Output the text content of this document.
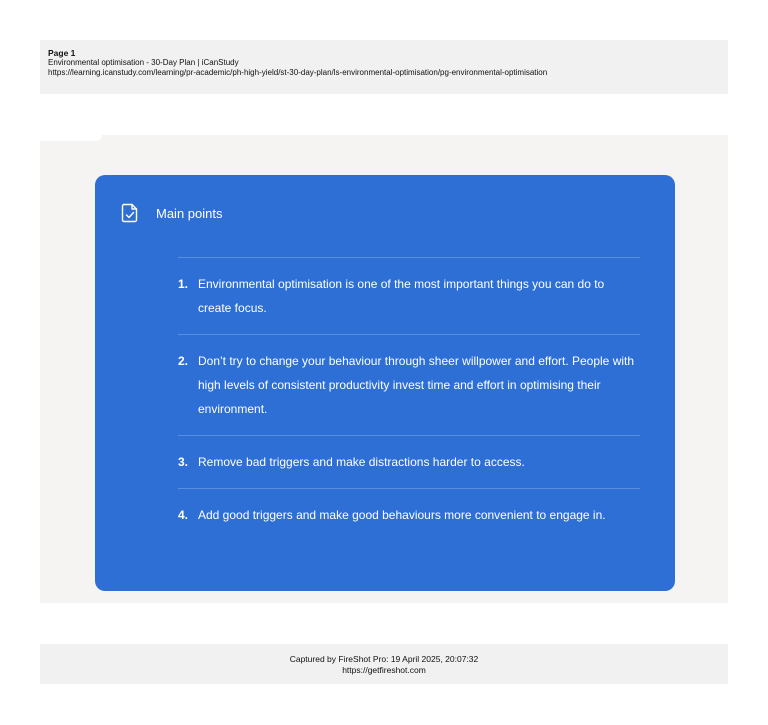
Page 1
Environmental optimisation - 30-Day Plan | iCanStudy
https://learning.icanstudy.com/learning/pr-academic/ph-high-yield/st-30-day-plan/ls-environmental-optimisation/pg-environmental-optimisation
Main points
1. Environmental optimisation is one of the most important things you can do to create focus.
2. Don’t try to change your behaviour through sheer willpower and effort. People with high levels of consistent productivity invest time and effort in optimising their environment.
3. Remove bad triggers and make distractions harder to access.
4. Add good triggers and make good behaviours more convenient to engage in.
Captured by FireShot Pro: 19 April 2025, 20:07:32
https://getfireshot.com
